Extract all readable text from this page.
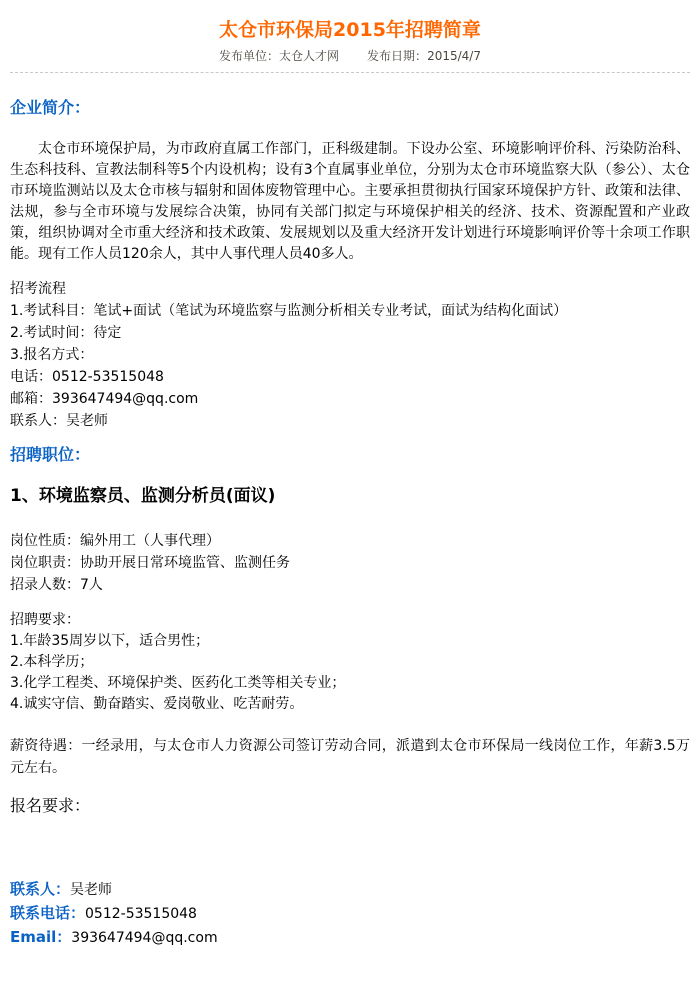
太仓市环保局2015年招聘简章
发布单位：太仓人才网 发布日期：2015/4/7
企业简介：
太仓市环境保护局，为市政府直属工作部门，正科级建制。下设办公室、环境影响评价科、污染防治科、生态科技科、宣教法制科等5个内设机构；设有3个直属事业单位，分别为太仓市环境监察大队（参公）、太仓市环境监测站以及太仓市核与辐射和固体废物管理中心。主要承担贯彻执行国家环境保护方针、政策和法律、法规，参与全市环境与发展综合决策，协同有关部门拟定与环境保护相关的经济、技术、资源配置和产业政策，组织协调对全市重大经济和技术政策、发展规划以及重大经济开发计划进行环境影响评价等十余项工作职能。现有工作人员120余人，其中人事代理人员40多人。
招考流程
1.考试科目：笔试+面试（笔试为环境监察与监测分析相关专业考试，面试为结构化面试）
2.考试时间：待定
3.报名方式：
电话：0512-53515048
邮箱：393647494@qq.com
联系人：吴老师
招聘职位：
1、环境监察员、监测分析员(面议)
岗位性质：编外用工（人事代理）
岗位职责：协助开展日常环境监管、监测任务
招录人数：7人
招聘要求：
1.年龄35周岁以下，适合男性；
2.本科学历；
3.化学工程类、环境保护类、医药化工类等相关专业；
4.诚实守信、勤奋踏实、爱岗敬业、吃苦耐劳。
薪资待遇：一经录用，与太仓市人力资源公司签订劳动合同，派遣到太仓市环保局一线岗位工作，年薪3.5万元左右。
报名要求：
联系人：吴老师
联系电话：0512-53515048
Email：393647494@qq.com
